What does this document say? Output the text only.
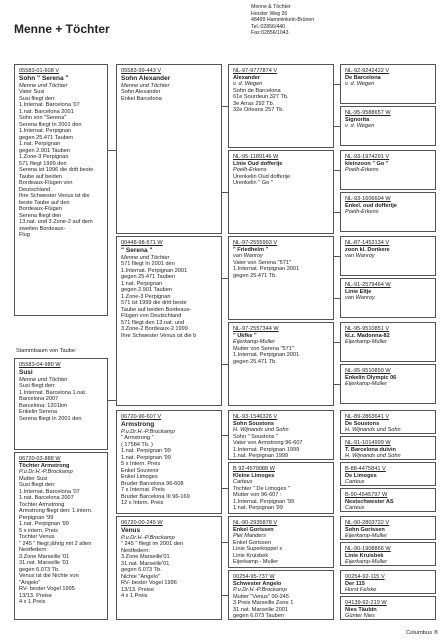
Menne + Töchter
Menne & Töchter
Horster Weg 26
48499 Hamminkeln-Brünen
Tel.:02856/440
Fax:02856/1043
05583-01-608 V
Sohn " Serena "
Menne und Töchter
Vater Susi
Susi fliegt den:
1.Internat. Barcelona '07
1.nat. Barcelona 2001
Sohn von "Serena"
Serena fliegt In 2001 den
1.Internat. Perpignan
gegen 25.471 Tauben
1.nat. Perpignan
gegen 2.901 Tauben
1.Zone-3 Perpignan
571 fliegt 1999 den
Serena ist 1996 die dritt beste
Taube auf beiden
Bordeaux-Flügen von
Deutschland
Ihre Schwester Venus ist die
beste Taube auf den
Bordeaux-Flügen
Serena fliegt den
13.nat. und 3.Zone-2 auf dem
zweiten Bordeaux-
Flug
05583-04-980 W
Susi
Menne und Töchter
Susi fliegt den:
1.Internat. Barcelona 1.nat.
Barcelona 2007
Barcelona: 1201km
Enkelin Serena
Serena fliegt In 2001 den
06720-03-888 W
Töchter Armstrong
P.u.Dr.H.-P.Brockamp
Mutter Susi
Susi fliegt den:
1.Internat. Barcelona '07
1.nat. Barcelona 2007
Tochter Armstrong
Armstrong fliegt den: 1.intern.
Perpignan '99
1.nat. Perpignan '99
5 x intern. Preis
Tochter Venus
" 245 " fliegt jährig mit 2 alten
Nestfedern:
3.Zone Marseille '01
31.nat. Marseille '01
gegen 6.073 Tb.
Venus ist die Nichte von
"Angelo"
RV- bester Vogel 1995
13/13. Preise
4 x 1.Preis
05583-99-443 V
Sohn Alexander
Menne und Töchter
Sohn Alexander
Enkel Barcelona
00448-98-571 W
" Serena "
Menne und Töchter
571 fliegt In 2001 den
1.Internat. Perpignan 2001
gegen 25.471 Tauben
1.nat. Perpignan
gegen 2.901 Tauben
1.Zone-3 Perpignan
571 ist 1999 die dritt beste
Taube auf beiden Bordeaux-
Flügen von Deutschland
571 fliegt den 13.nat. und
3.Zone-2 Bordeaux-2 1999
Ihre Schwester Venus ist die b
06720-96-607 V
Armstrong
P.u.Dr.H.-P.Brockamp
" Armstrong "
( 17584 Tb. )
1.nat. Perpignan '99
1.nat. Perpignan '99
5 x Intern. Preis
Enkel Souvenir
Enkel Limoges
Bruder Barcelona 96-608
7 x Internat. Preis
Bruder Barcelona III 96-169
12 x Intern. Preis
06720-00-245 W
Venus
P.u.Dr.H.-P.Brockamp
" 245 " fliegt im 2001 den
Nestfedern:
3.Zone Marseille'01
31.nat. Marseille'01
gegen 6.073 Tb.
Nichte "Angelo"
RV- bester Vogel 1996
13/13. Preise
4 x 1.Preis
NL-97-9777874 V
Alexander
v. d. Wegen
Sohn de Barcelona
61e Sourdeun 327 Tb.
3e Arras 292 Tb.
32e Orleans 257 Tb.
NL-95-1189146 W
Linie Oud dofferije
Poelh-Erkens
Urenkelin Oud dofferije
Urenkelin " Go "
NL-97-2555993 V
" Friedhelm "
van Wanroy
Vater von Serena "571"
1.Internat. Perpignan 2001
gegen 25.471 Tb.
NL-97-2557344 W
" Ukfke "
Eijerkamp-Muller
Mutter von Serena "571"
1.Internat. Perpignan 2001
gegen 25.471 Tb.
NL-93-1546326 V
Sohn Soustons
H. Wijnands und Sohn
Sohn " Soustons "
Vater von Armstrong 96-607
1.Internat. Perpignan 1999
1.nat. Perpignan 1999
B 92-4579088 W
Kleine Limoges
Carteus
Tochter " De Limoges "
Mutter von 96-607 :
1.Internat. Perpignan '99
1.nat. Perpignan '99
NL-90-2935878 V
Enkel Gorissen
Piet Manders
Enkel Gorissen
Linie Superkoppel x
Linie Kruisbek
Eijerkamp - Muller
00254-95-737 W
Schwester Angelo
P.u.Dr.H.-P.Brockamp
Mutter "Venus" 00-245
3.Preis Marseille Zone 1
31.nat. Marseille 2001
gegen 6.073 Tauben
NL-92-9242422 V
De Barcelona
v. d. Wegen
NL-95-9588657 W
Signorita
v. d. Wegen
NL-93-1974291 V
kleinzoon " Go "
Poelh-Erkens
NL-93-1606694 W
Enkel. oud dofferije
Poelh-Erkens
NL-87-1453134 V
zoon kl. Donkere
van Wanroy
NL-91-2579464 W
Linie Eltje
van Wanroy
NL-95-9510851 V
kl.z. Madonna-82
Eijerkamp-Muller
NL-95-9510850 W
Enkelin Olympic 06
Eijerkamp-Muller
NL-89-2863641 V
De Soustons
H. Wijnands und Sohn
NL-91-1014999 W
T. Barcelona duivin
H. Wijnands und Sohn
B-88-4475841 V
De Limoges
Carteus
B-90-4545797 W
Nestschwester AS
Carteus
NL-90-2803722 V
Sohn Gorissen
Eijerkamp-Muller
NL-90-1908866 W
Linie Kruisbek
Eijerkamp-Muller
00254-92-115 V
Der 115
Horst Felske
04139-92-219 W
Nies Täubin
Günter Nies
Stammbaum von Taube:
Columbus ®
